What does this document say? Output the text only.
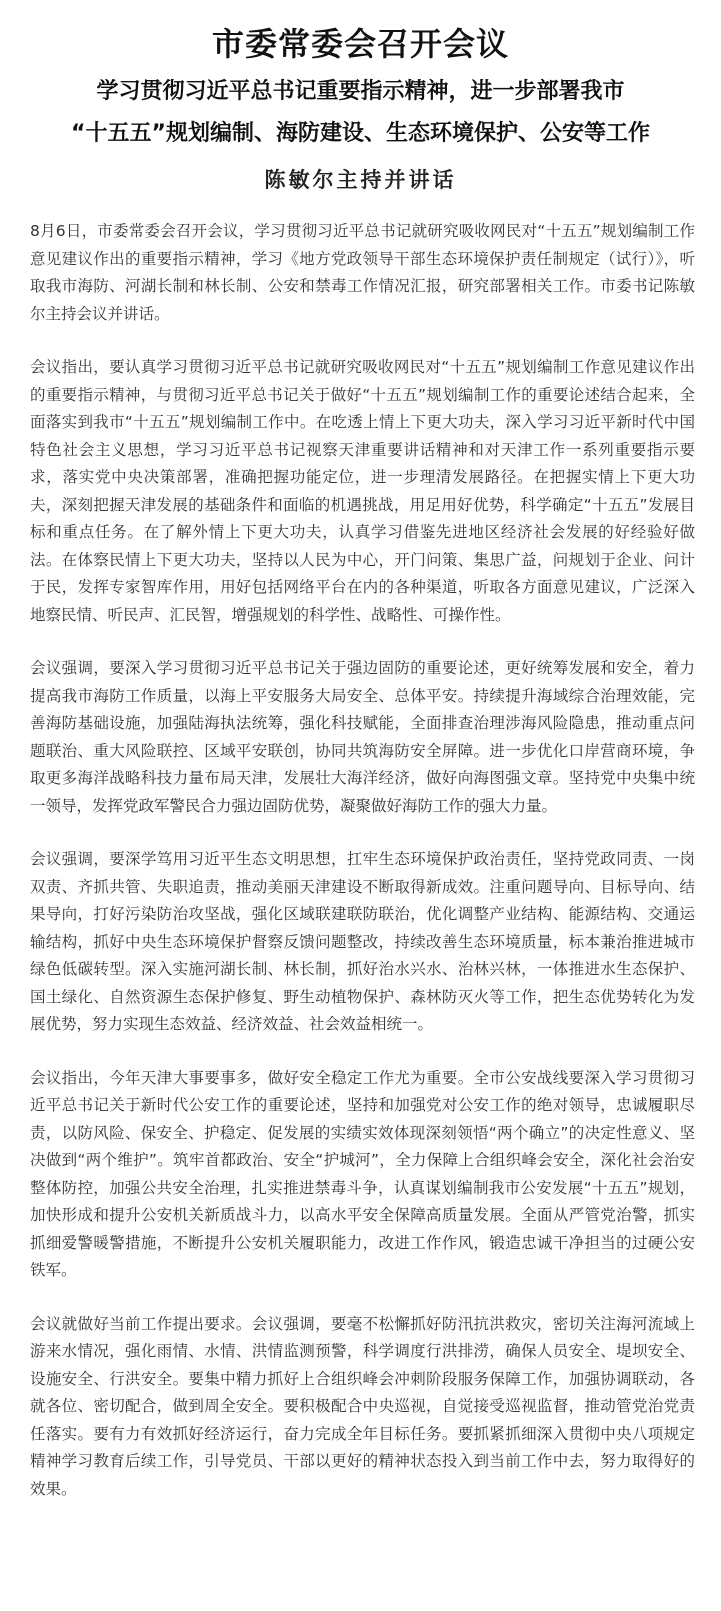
市委常委会召开会议
学习贯彻习近平总书记重要指示精神，进一步部署我市
“十五五”规划编制、海防建设、生态环境保护、公安等工作
陈敏尔主持并讲话

8月6日，市委常委会召开会议，学习贯彻习近平总书记就研究吸收网民对“十五五”规划编制工作意见建议作出的重要指示精神，学习《地方党政领导干部生态环境保护责任制规定（试行）》，听取我市海防、河湖长制和林长制、公安和禁毒工作情况汇报，研究部署相关工作。市委书记陈敏尔主持会议并讲话。

会议指出，要认真学习贯彻习近平总书记就研究吸收网民对“十五五”规划编制工作意见建议作出的重要指示精神，与贯彻习近平总书记关于做好“十五五”规划编制工作的重要论述结合起来，全面落实到我市“十五五”规划编制工作中。在吃透上情上下更大功夫，深入学习习近平新时代中国特色社会主义思想，学习习近平总书记视察天津重要讲话精神和对天津工作一系列重要指示要求，落实党中央决策部署，准确把握功能定位，进一步理清发展路径。在把握实情上下更大功夫，深刻把握天津发展的基础条件和面临的机遇挑战，用足用好优势，科学确定“十五五”发展目标和重点任务。在了解外情上下更大功夫，认真学习借鉴先进地区经济社会发展的好经验好做法。在体察民情上下更大功夫，坚持以人民为中心，开门问策、集思广益，问规划于企业、问计于民，发挥专家智库作用，用好包括网络平台在内的各种渠道，听取各方面意见建议，广泛深入地察民情、听民声、汇民智，增强规划的科学性、战略性、可操作性。

会议强调，要深入学习贯彻习近平总书记关于强边固防的重要论述，更好统筹发展和安全，着力提高我市海防工作质量，以海上平安服务大局安全、总体平安。持续提升海域综合治理效能，完善海防基础设施，加强陆海执法统筹，强化科技赋能，全面排查治理涉海风险隐患，推动重点问题联治、重大风险联控、区域平安联创，协同共筑海防安全屏障。进一步优化口岸营商环境，争取更多海洋战略科技力量布局天津，发展壮大海洋经济，做好向海图强文章。坚持党中央集中统一领导，发挥党政军警民合力强边固防优势，凝聚做好海防工作的强大力量。

会议强调，要深学笃用习近平生态文明思想，扛牢生态环境保护政治责任，坚持党政同责、一岗双责、齐抓共管、失职追责，推动美丽天津建设不断取得新成效。注重问题导向、目标导向、结果导向，打好污染防治攻坚战，强化区域联建联防联治，优化调整产业结构、能源结构、交通运输结构，抓好中央生态环境保护督察反馈问题整改，持续改善生态环境质量，标本兼治推进城市绿色低碳转型。深入实施河湖长制、林长制，抓好治水兴水、治林兴林，一体推进水生态保护、国土绿化、自然资源生态保护修复、野生动植物保护、森林防灭火等工作，把生态优势转化为发展优势，努力实现生态效益、经济效益、社会效益相统一。

会议指出，今年天津大事要事多，做好安全稳定工作尤为重要。全市公安战线要深入学习贯彻习近平总书记关于新时代公安工作的重要论述，坚持和加强党对公安工作的绝对领导，忠诚履职尽责，以防风险、保安全、护稳定、促发展的实绩实效体现深刻领悟“两个确立”的决定性意义、坚决做到“两个维护”。筑牢首都政治、安全“护城河”，全力保障上合组织峰会安全，深化社会治安整体防控，加强公共安全治理，扎实推进禁毒斗争，认真谋划编制我市公安发展“十五五”规划，加快形成和提升公安机关新质战斗力，以高水平安全保障高质量发展。全面从严管党治警，抓实抓细爱警暖警措施，不断提升公安机关履职能力，改进工作作风，锻造忠诚干净担当的过硬公安铁军。

会议就做好当前工作提出要求。会议强调，要毫不松懈抓好防汛抗洪救灾，密切关注海河流域上游来水情况，强化雨情、水情、洪情监测预警，科学调度行洪排涝，确保人员安全、堤坝安全、设施安全、行洪安全。要集中精力抓好上合组织峰会冲刺阶段服务保障工作，加强协调联动，各就各位、密切配合，做到周全安全。要积极配合中央巡视，自觉接受巡视监督，推动管党治党责任落实。要有力有效抓好经济运行，奋力完成全年目标任务。要抓紧抓细深入贯彻中央八项规定精神学习教育后续工作，引导党员、干部以更好的精神状态投入到当前工作中去，努力取得好的效果。
